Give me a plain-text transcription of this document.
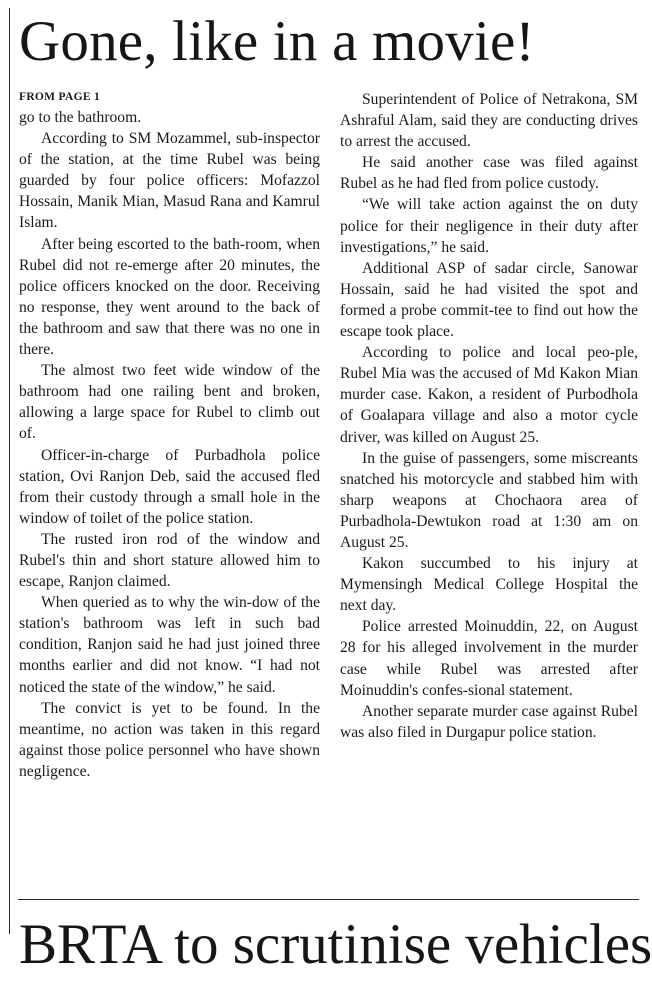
Gone, like in a movie!
FROM PAGE 1

go to the bathroom.

According to SM Mozammel, sub-inspector of the station, at the time Rubel was being guarded by four police officers: Mofazzol Hossain, Manik Mian, Masud Rana and Kamrul Islam.

After being escorted to the bath-room, when Rubel did not re-emerge after 20 minutes, the police officers knocked on the door. Receiving no response, they went around to the back of the bathroom and saw that there was no one in there.

The almost two feet wide window of the bathroom had one railing bent and broken, allowing a large space for Rubel to climb out of.

Officer-in-charge of Purbadhola police station, Ovi Ranjon Deb, said the accused fled from their custody through a small hole in the window of toilet of the police station.

The rusted iron rod of the window and Rubel's thin and short stature allowed him to escape, Ranjon claimed.

When queried as to why the win-dow of the station's bathroom was left in such bad condition, Ranjon said he had just joined three months earlier and did not know. “I had not noticed the state of the window,” he said.

The convict is yet to be found. In the meantime, no action was taken in this regard against those police personnel who have shown negligence.

Superintendent of Police of Netrakona, SM Ashraful Alam, said they are conducting drives to arrest the accused.

He said another case was filed against Rubel as he had fled from police custody.

“We will take action against the on duty police for their negligence in their duty after investigations,” he said.

Additional ASP of sadar circle, Sanowar Hossain, said he had visited the spot and formed a probe commit-tee to find out how the escape took place.

According to police and local peo-ple, Rubel Mia was the accused of Md Kakon Mian murder case. Kakon, a resident of Purbodhola of Goalapara village and also a motor cycle driver, was killed on August 25.

In the guise of passengers, some miscreants snatched his motorcycle and stabbed him with sharp weapons at Chochaora area of Purbadhola-Dewtukon road at 1:30 am on August 25.

Kakon succumbed to his injury at Mymensingh Medical College Hospital the next day.

Police arrested Moinuddin, 22, on August 28 for his alleged involvement in the murder case while Rubel was arrested after Moinuddin's confes-sional statement.

Another separate murder case against Rubel was also filed in Durgapur police station.

BRTA to scrutinise vehicles
